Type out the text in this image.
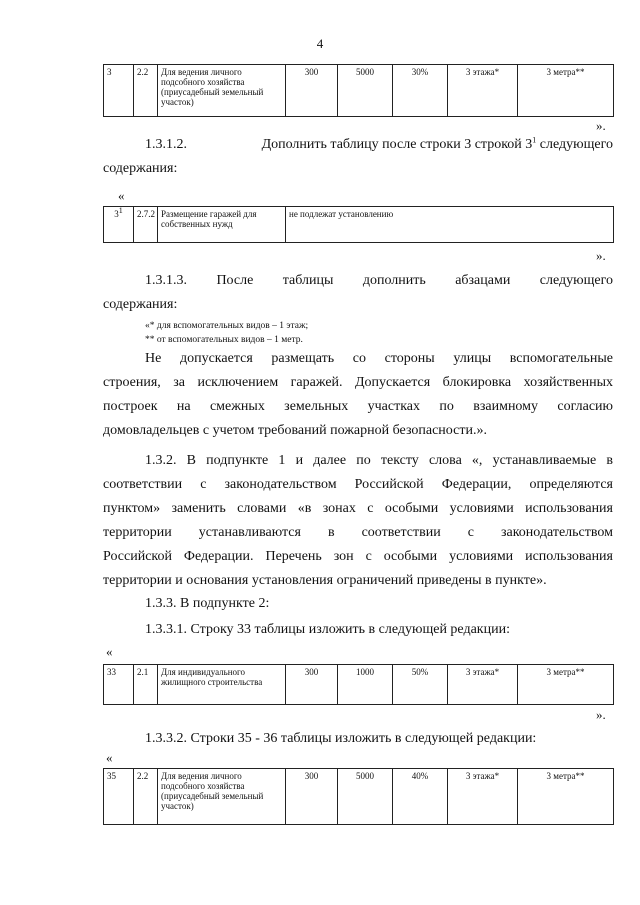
4
3	2.2	Для ведения личного подсобного хозяйства (приусадебный земельный участок)	300	5000	30%	3 этажа*	3 метра**
».
1.3.1.2.	Дополнить таблицу после строки 3 строкой $3^1$ следующего
содержания:
«
$3^1$	2.7.2	Размещение гаражей для собственных нужд	не подлежат установлению
».
1.3.1.3. После таблицы дополнить абзацами следующего
содержания:
«* для вспомогательных видов – 1 этаж;
** от вспомогательных видов – 1 метр.
Не допускается размещать со стороны улицы вспомогательные
строения, за исключением гаражей. Допускается блокировка хозяйственных
построек на смежных земельных участках по взаимному согласию
домовладельцев с учетом требований пожарной безопасности.».
1.3.2. В подпункте 1 и далее по тексту слова «, устанавливаемые в
соответствии с законодательством Российской Федерации, определяются
пунктом» заменить словами «в зонах с особыми условиями использования
территории устанавливаются в соответствии с законодательством
Российской Федерации. Перечень зон с особыми условиями использования
территории и основания установления ограничений приведены в пункте».
1.3.3. В подпункте 2:
1.3.3.1. Строку 33 таблицы изложить в следующей редакции:
«
33	2.1	Для индивидуального жилищного строительства	300	1000	50%	3 этажа*	3 метра**
».
1.3.3.2. Строки 35 - 36 таблицы изложить в следующей редакции:
«
35	2.2	Для ведения личного подсобного хозяйства (приусадебный земельный участок)	300	5000	40%	3 этажа*	3 метра**
